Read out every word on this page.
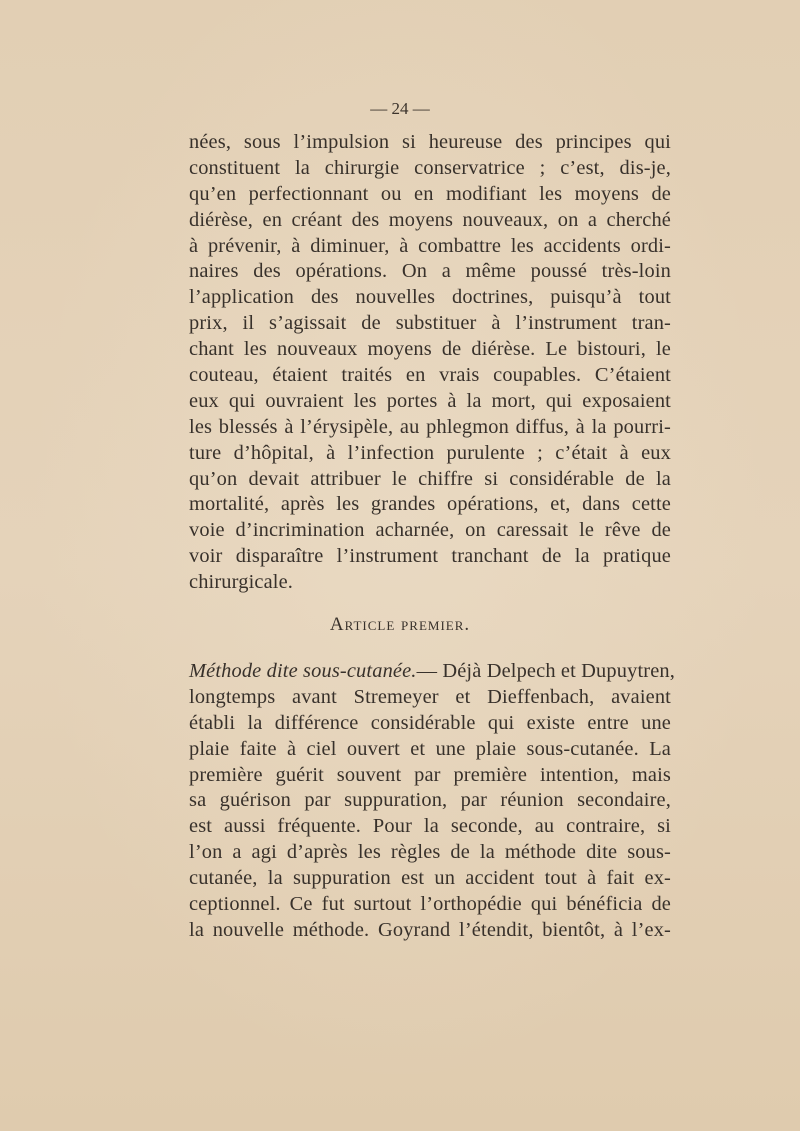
— 24 —
nées, sous l’impulsion si heureuse des principes qui
constituent la chirurgie conservatrice ; c’est, dis-je,
qu’en perfectionnant ou en modifiant les moyens de
diérèse, en créant des moyens nouveaux, on a cherché
à prévenir, à diminuer, à combattre les accidents ordi-
naires des opérations. On a même poussé très-loin
l’application des nouvelles doctrines, puisqu’à tout
prix, il s’agissait de substituer à l’instrument tran-
chant les nouveaux moyens de diérèse. Le bistouri, le
couteau, étaient traités en vrais coupables. C’étaient
eux qui ouvraient les portes à la mort, qui exposaient
les blessés à l’érysipèle, au phlegmon diffus, à la pourri-
ture d’hôpital, à l’infection purulente ; c’était à eux
qu’on devait attribuer le chiffre si considérable de la
mortalité, après les grandes opérations, et, dans cette
voie d’incrimination acharnée, on caressait le rêve de
voir disparaître l’instrument tranchant de la pratique
chirurgicale.
Article premier.
Méthode dite sous-cutanée.— Déjà Delpech et Dupuytren,
longtemps avant Stremeyer et Dieffenbach, avaient
établi la différence considérable qui existe entre une
plaie faite à ciel ouvert et une plaie sous-cutanée. La
première guérit souvent par première intention, mais
sa guérison par suppuration, par réunion secondaire,
est aussi fréquente. Pour la seconde, au contraire, si
l’on a agi d’après les règles de la méthode dite sous-
cutanée, la suppuration est un accident tout à fait ex-
ceptionnel. Ce fut surtout l’orthopédie qui bénéficia de
la nouvelle méthode. Goyrand l’étendit, bientôt, à l’ex-
